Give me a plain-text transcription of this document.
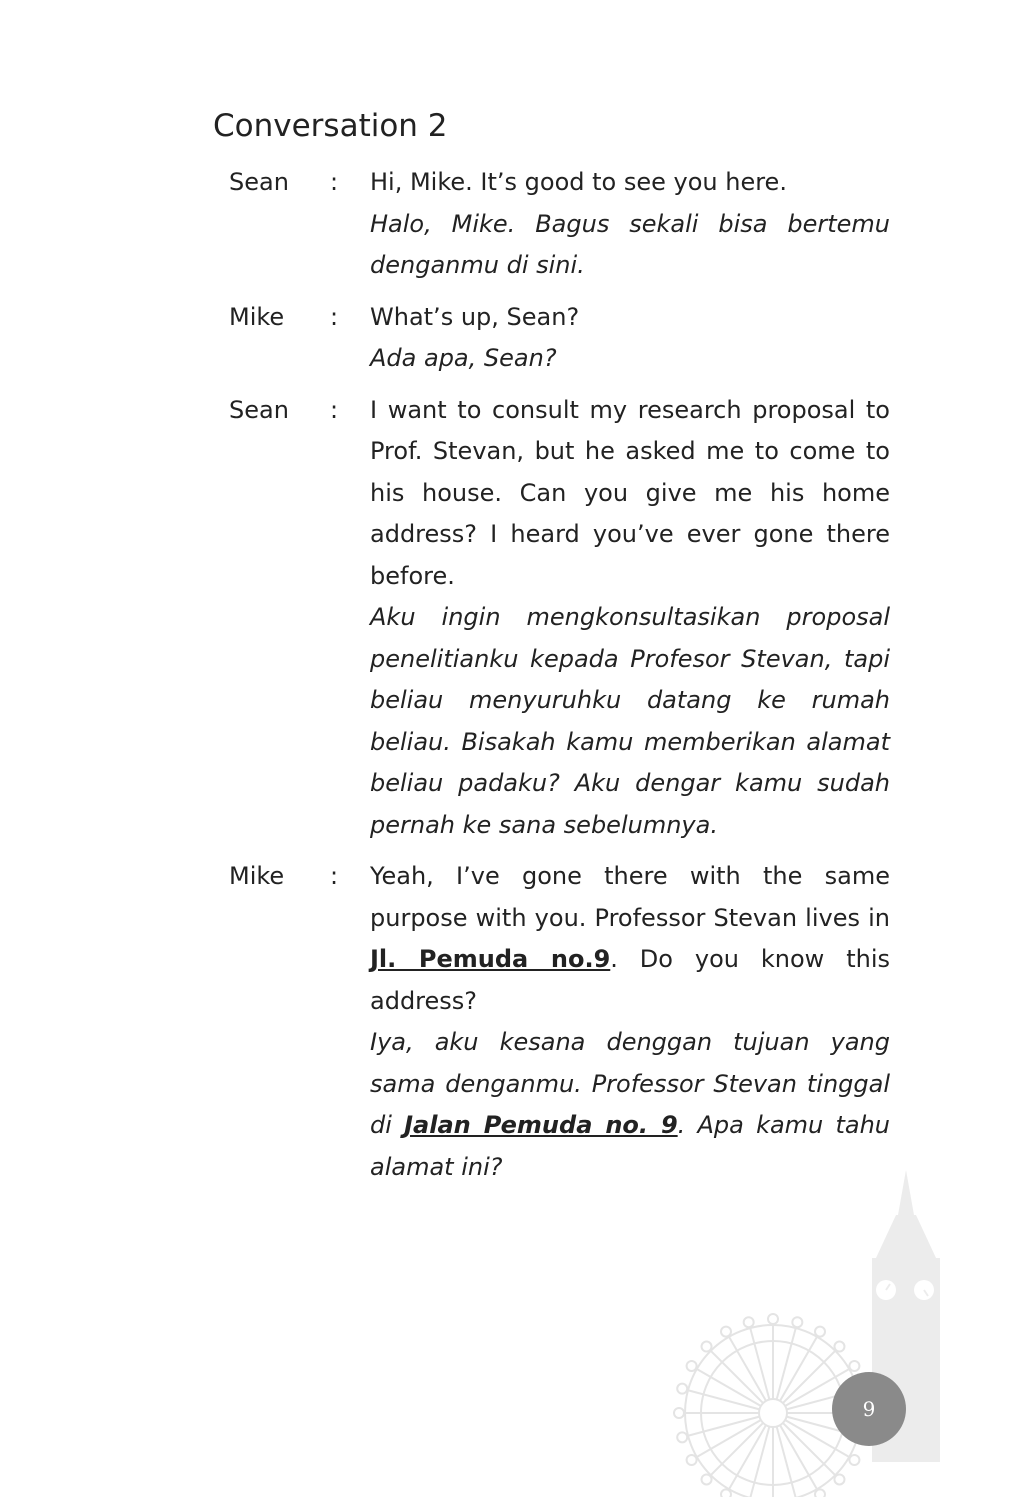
Conversation 2
Sean : Hi, Mike. It’s good to see you here.

Halo, Mike. Bagus sekali bisa bertemu denganmu di sini.

Mike : What’s up, Sean?

Ada apa, Sean?

Sean : I want to consult my research proposal to Prof. Stevan, but he asked me to come to his house. Can you give me his home address? I heard you’ve ever gone there before.

Aku ingin mengkonsultasikan proposal penelitianku kepada Profesor Stevan, tapi beliau menyuruhku datang ke rumah beliau. Bisakah kamu memberikan alamat beliau padaku? Aku dengar kamu sudah pernah ke sana sebelumnya.

Mike : Yeah, I’ve gone there with the same purpose with you. Professor Stevan lives in Jl. Pemuda no.9. Do you know this address?

Iya, aku kesana denggan tujuan yang sama denganmu. Professor Stevan tinggal di Jalan Pemuda no. 9. Apa kamu tahu alamat ini?

9
